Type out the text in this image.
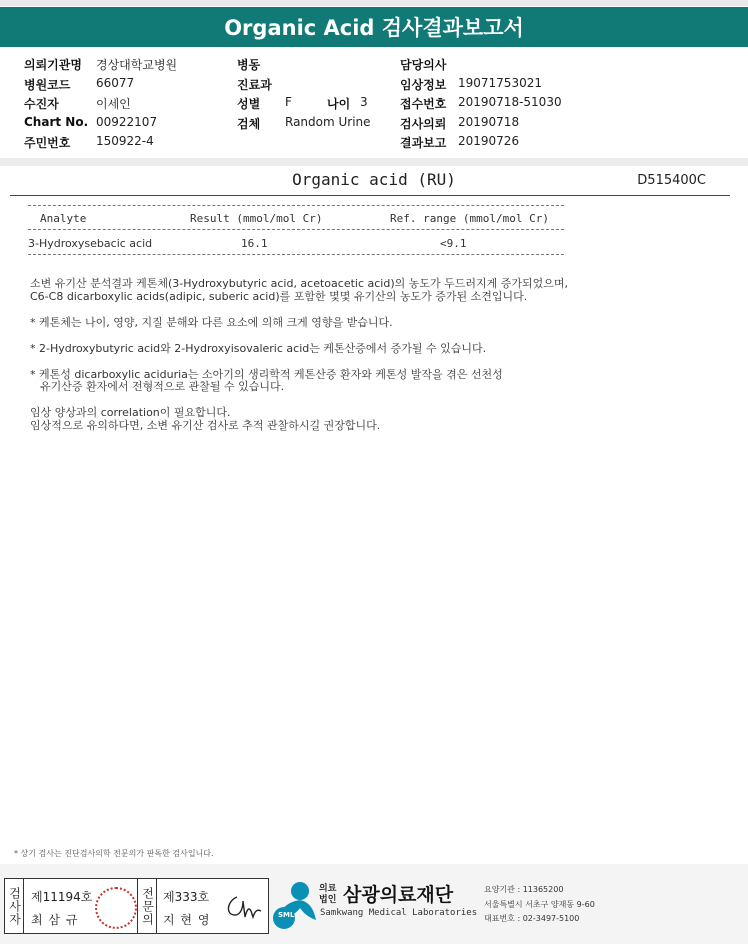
Organic Acid 검사결과보고서
의뢰기관명 경상대학교병원
병원코드 66077
수진자	이세인
Chart No. 00922107
주민번호 150922-4
병동
진료과
성별 F	나이 3
검체 Random Urine
담당의사
임상정보 19071753021
접수번호 20190718-51030
검사의뢰 20190718
결과보고 20190726
Organic acid (RU)	D515400C
Analyte	Result (mmol/mol Cr)	Ref. range (mmol/mol Cr)
3-Hydroxysebacic acid	16.1	<9.1
소변 유기산 분석결과 케톤체(3-Hydroxybutyric acid, acetoacetic acid)의 농도가 두드러지게 증가되었으며,
C6-C8 dicarboxylic acids(adipic, suberic acid)를 포함한 몇몇 유기산의 농도가 증가된 소견입니다.
* 케톤체는 나이, 영양, 지질 분해와 다른 요소에 의해 크게 영향을 받습니다.
* 2-Hydroxybutyric acid와 2-Hydroxyisovaleric acid는 케톤산증에서 증가될 수 있습니다.
* 케톤성 dicarboxylic aciduria는 소아기의 생리학적 케톤산증 환자와 케톤성 발작을 겪은 선천성
유기산증 환자에서 전형적으로 관찰될 수 있습니다.
임상 양상과의 correlation이 필요합니다.
임상적으로 유의하다면, 소변 유기산 검사로 추적 관찰하시길 권장합니다.
* 상기 검사는 진단검사의학 전문의가 판독한 검사입니다.
검사자 제11194호
최 삼 규	전문의 제333호
지 현 영	SML
의료법인 삼광의료재단
Samkwang Medical Laboratories
요양기관 : 11365200
서울특별시 서초구 양재동 9-60
대표번호 : 02-3497-5100
